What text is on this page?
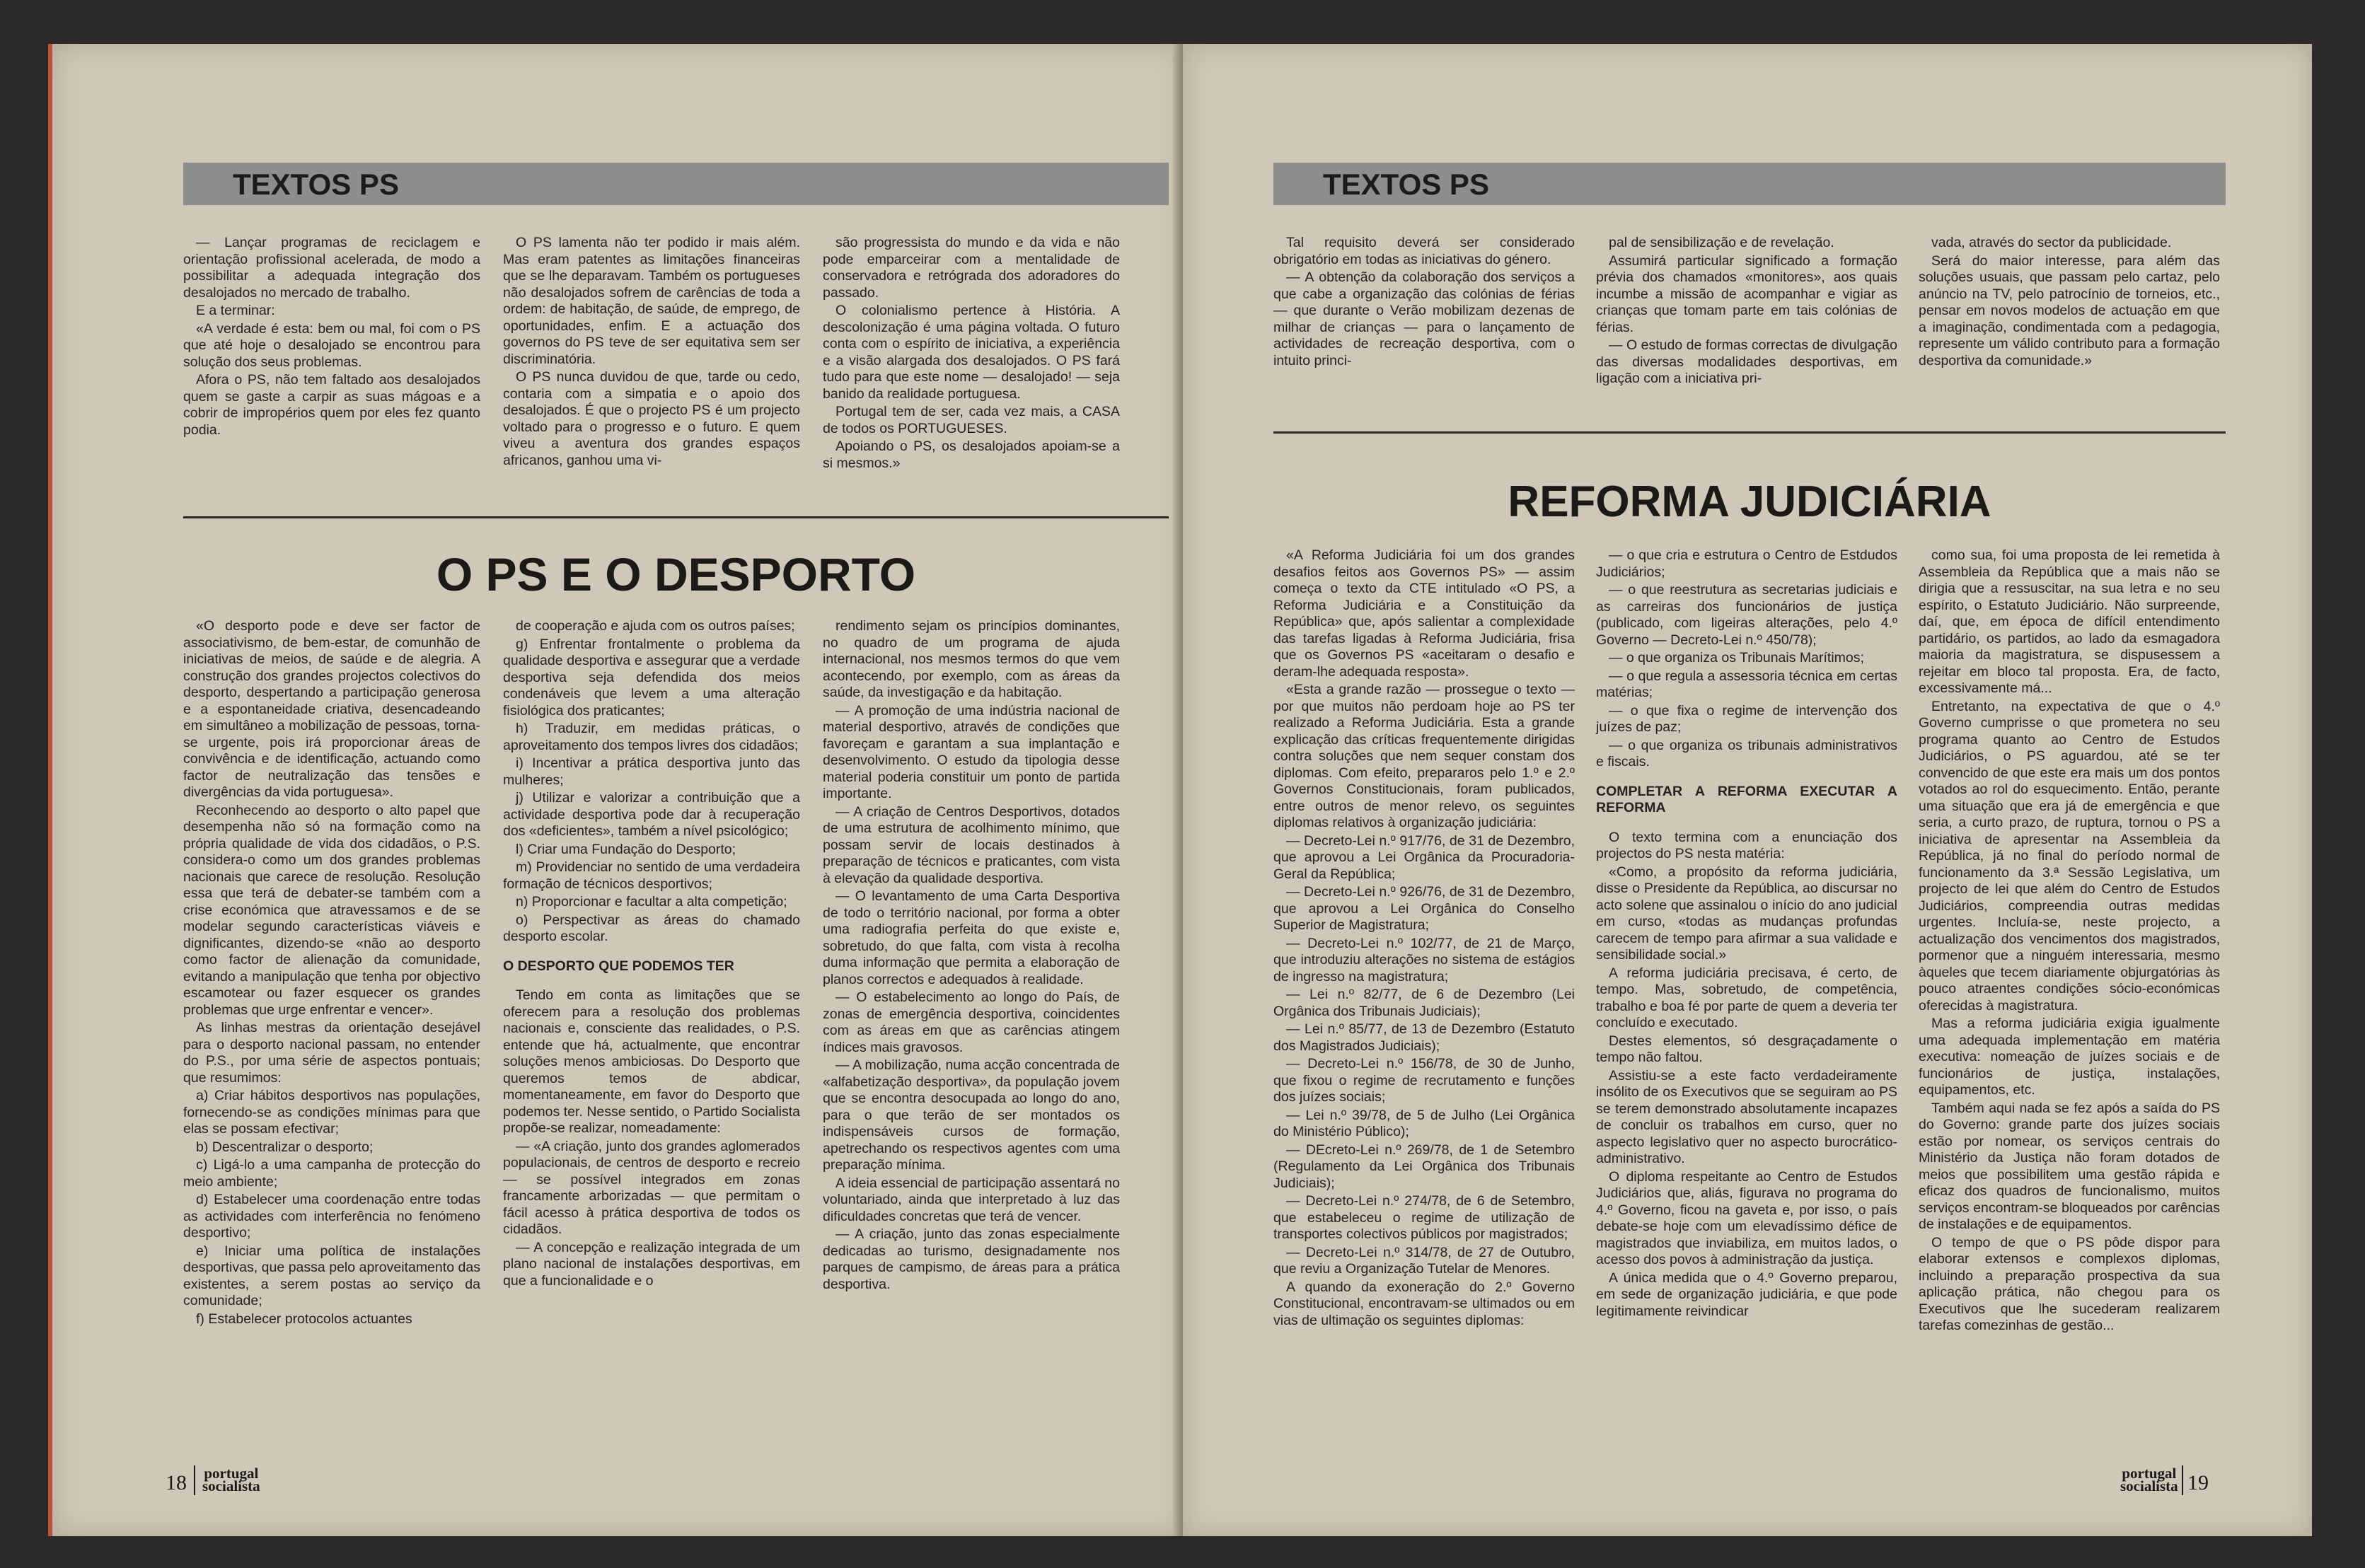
TEXTOS PS

— Lançar programas de reciclagem e orientação profissional acelerada, de modo a possibilitar a adequada integração dos desalojados no mercado de trabalho.

E a terminar:

«A verdade é esta: bem ou mal, foi com o PS que até hoje o desalojado se encontrou para solução dos seus problemas.

Afora o PS, não tem faltado aos desalojados quem se gaste a carpir as suas mágoas e a cobrir de impropérios quem por eles fez quanto podia.

O PS lamenta não ter podido ir mais além. Mas eram patentes as limitações financeiras que se lhe deparavam. Também os portugueses não desalojados sofrem de carências de toda a ordem: de habitação, de saúde, de emprego, de oportunidades, enfim. E a actuação dos governos do PS teve de ser equitativa sem ser discriminatória.

O PS nunca duvidou de que, tarde ou cedo, contaria com a simpatia e o apoio dos desalojados. É que o projecto PS é um projecto voltado para o progresso e o futuro. E quem viveu a aventura dos grandes espaços africanos, ganhou uma vi-

são progressista do mundo e da vida e não pode emparceirar com a mentalidade de conservadora e retrógrada dos adoradores do passado.

O colonialismo pertence à História. A descolonização é uma página voltada. O futuro conta com o espírito de iniciativa, a experiência e a visão alargada dos desalojados. O PS fará tudo para que este nome — desalojado! — seja banido da realidade portuguesa.

Portugal tem de ser, cada vez mais, a CASA de todos os PORTUGUESES.

Apoiando o PS, os desalojados apoiam-se a si mesmos.»

O PS E O DESPORTO

«O desporto pode e deve ser factor de associativismo, de bem-estar, de comunhão de iniciativas de meios, de saúde e de alegria. A construção dos grandes projectos colectivos do desporto, despertando a participação generosa e a espontaneidade criativa, desencadeando em simultâneo a mobilização de pessoas, torna-se urgente, pois irá proporcionar áreas de convivência e de identificação, actuando como factor de neutralização das tensões e divergências da vida portuguesa».

Reconhecendo ao desporto o alto papel que desempenha não só na formação como na própria qualidade de vida dos cidadãos, o P.S. considera-o como um dos grandes problemas nacionais que carece de resolução. Resolução essa que terá de debater-se também com a crise económica que atravessamos e de se modelar segundo características viáveis e dignificantes, dizendo-se «não ao desporto como factor de alienação da comunidade, evitando a manipulação que tenha por objectivo escamotear ou fazer esquecer os grandes problemas que urge enfrentar e vencer».

As linhas mestras da orientação desejável para o desporto nacional passam, no entender do P.S., por uma série de aspectos pontuais; que resumimos:

a) Criar hábitos desportivos nas populações, fornecendo-se as condições mínimas para que elas se possam efectivar;

b) Descentralizar o desporto;

c) Ligá-lo a uma campanha de protecção do meio ambiente;

d) Estabelecer uma coordenação entre todas as actividades com interferência no fenómeno desportivo;

e) Iniciar uma política de instalações desportivas, que passa pelo aproveitamento das existentes, a serem postas ao serviço da comunidade;

f) Estabelecer protocolos actuantes

de cooperação e ajuda com os outros países;

g) Enfrentar frontalmente o problema da qualidade desportiva e assegurar que a verdade desportiva seja defendida dos meios condenáveis que levem a uma alteração fisiológica dos praticantes;

h) Traduzir, em medidas práticas, o aproveitamento dos tempos livres dos cidadãos;

i) Incentivar a prática desportiva junto das mulheres;

j) Utilizar e valorizar a contribuição que a actividade desportiva pode dar à recuperação dos «deficientes», também a nível psicológico;

l) Criar uma Fundação do Desporto;

m) Providenciar no sentido de uma verdadeira formação de técnicos desportivos;

n) Proporcionar e facultar a alta competição;

o) Perspectivar as áreas do chamado desporto escolar.

O DESPORTO QUE PODEMOS TER

Tendo em conta as limitações que se oferecem para a resolução dos problemas nacionais e, consciente das realidades, o P.S. entende que há, actualmente, que encontrar soluções menos ambiciosas. Do Desporto que queremos temos de abdicar, momentaneamente, em favor do Desporto que podemos ter. Nesse sentido, o Partido Socialista propõe-se realizar, nomeadamente:

— «A criação, junto dos grandes aglomerados populacionais, de centros de desporto e recreio — se possível integrados em zonas francamente arborizadas — que permitam o fácil acesso à prática desportiva de todos os cidadãos.

— A concepção e realização integrada de um plano nacional de instalações desportivas, em que a funcionalidade e o

rendimento sejam os princípios dominantes, no quadro de um programa de ajuda internacional, nos mesmos termos do que vem acontecendo, por exemplo, com as áreas da saúde, da investigação e da habitação.

— A promoção de uma indústria nacional de material desportivo, através de condições que favoreçam e garantam a sua implantação e desenvolvimento. O estudo da tipologia desse material poderia constituir um ponto de partida importante.

— A criação de Centros Desportivos, dotados de uma estrutura de acolhimento mínimo, que possam servir de locais destinados à preparação de técnicos e praticantes, com vista à elevação da qualidade desportiva.

— O levantamento de uma Carta Desportiva de todo o território nacional, por forma a obter uma radiografia perfeita do que existe e, sobretudo, do que falta, com vista à recolha duma informação que permita a elaboração de planos correctos e adequados à realidade.

— O estabelecimento ao longo do País, de zonas de emergência desportiva, coincidentes com as áreas em que as carências atingem índices mais gravosos.

— A mobilização, numa acção concentrada de «alfabetização desportiva», da população jovem que se encontra desocupada ao longo do ano, para o que terão de ser montados os indispensáveis cursos de formação, apetrechando os respectivos agentes com uma preparação mínima.

A ideia essencial de participação assentará no voluntariado, ainda que interpretado à luz das dificuldades concretas que terá de vencer.

— A criação, junto das zonas especialmente dedicadas ao turismo, designadamente nos parques de campismo, de áreas para a prática desportiva.

18 portugal
socialista
TEXTOS PS

Tal requisito deverá ser considerado obrigatório em todas as iniciativas do género.

— A obtenção da colaboração dos serviços a que cabe a organização das colónias de férias — que durante o Verão mobilizam dezenas de milhar de crianças — para o lançamento de actividades de recreação desportiva, com o intuito princi-

pal de sensibilização e de revelação.

Assumirá particular significado a formação prévia dos chamados «monitores», aos quais incumbe a missão de acompanhar e vigiar as crianças que tomam parte em tais colónias de férias.

— O estudo de formas correctas de divulgação das diversas modalidades desportivas, em ligação com a iniciativa pri-

vada, através do sector da publicidade.

Será do maior interesse, para além das soluções usuais, que passam pelo cartaz, pelo anúncio na TV, pelo patrocínio de torneios, etc., pensar em novos modelos de actuação em que a imaginação, condimentada com a pedagogia, represente um válido contributo para a formação desportiva da comunidade.»

REFORMA JUDICIÁRIA

«A Reforma Judiciária foi um dos grandes desafios feitos aos Governos PS» — assim começa o texto da CTE intitulado «O PS, a Reforma Judiciária e a Constituição da República» que, após salientar a complexidade das tarefas ligadas à Reforma Judiciária, frisa que os Governos PS «aceitaram o desafio e deram-lhe adequada resposta».

«Esta a grande razão — prossegue o texto — por que muitos não perdoam hoje ao PS ter realizado a Reforma Judiciária. Esta a grande explicação das críticas frequentemente dirigidas contra soluções que nem sequer constam dos diplomas. Com efeito, prepararos pelo 1.º e 2.º Governos Constitucionais, foram publicados, entre outros de menor relevo, os seguintes diplomas relativos à organização judiciária:

— Decreto-Lei n.º 917/76, de 31 de Dezembro, que aprovou a Lei Orgânica da Procuradoria-Geral da República;

— Decreto-Lei n.º 926/76, de 31 de Dezembro, que aprovou a Lei Orgânica do Conselho Superior de Magistratura;

— Decreto-Lei n.º 102/77, de 21 de Março, que introduziu alterações no sistema de estágios de ingresso na magistratura;

— Lei n.º 82/77, de 6 de Dezembro (Lei Orgânica dos Tribunais Judiciais);

— Lei n.º 85/77, de 13 de Dezembro (Estatuto dos Magistrados Judiciais);

— Decreto-Lei n.º 156/78, de 30 de Junho, que fixou o regime de recrutamento e funções dos juízes sociais;

— Lei n.º 39/78, de 5 de Julho (Lei Orgânica do Ministério Público);

— DEcreto-Lei n.º 269/78, de 1 de Setembro (Regulamento da Lei Orgânica dos Tribunais Judiciais);

— Decreto-Lei n.º 274/78, de 6 de Setembro, que estabeleceu o regime de utilização de transportes colectivos públicos por magistrados;

— Decreto-Lei n.º 314/78, de 27 de Outubro, que reviu a Organização Tutelar de Menores.

A quando da exoneração do 2.º Governo Constitucional, encontravam-se ultimados ou em vias de ultimação os seguintes diplomas:

— o que cria e estrutura o Centro de Estdudos Judiciários;

— o que reestrutura as secretarias judiciais e as carreiras dos funcionários de justiça (publicado, com ligeiras alterações, pelo 4.º Governo — Decreto-Lei n.º 450/78);

— o que organiza os Tribunais Marítimos;

— o que regula a assessoria técnica em certas matérias;

— o que fixa o regime de intervenção dos juízes de paz;

— o que organiza os tribunais administrativos e fiscais.

COMPLETAR A REFORMA EXECUTAR A REFORMA

O texto termina com a enunciação dos projectos do PS nesta matéria:

«Como, a propósito da reforma judiciária, disse o Presidente da República, ao discursar no acto solene que assinalou o início do ano judicial em curso, «todas as mudanças profundas carecem de tempo para afirmar a sua validade e sensibilidade social.»

A reforma judiciária precisava, é certo, de tempo. Mas, sobretudo, de competência, trabalho e boa fé por parte de quem a deveria ter concluído e executado.

Destes elementos, só desgraçadamente o tempo não faltou.

Assistiu-se a este facto verdadeiramente insólito de os Executivos que se seguiram ao PS se terem demonstrado absolutamente incapazes de concluir os trabalhos em curso, quer no aspecto legislativo quer no aspecto burocrático-administrativo.

O diploma respeitante ao Centro de Estudos Judiciários que, aliás, figurava no programa do 4.º Governo, ficou na gaveta e, por isso, o país debate-se hoje com um elevadíssimo défice de magistrados que inviabiliza, em muitos lados, o acesso dos povos à administração da justiça.

A única medida que o 4.º Governo preparou, em sede de organização judiciária, e que pode legitimamente reivindicar

como sua, foi uma proposta de lei remetida à Assembleia da República que a mais não se dirigia que a ressuscitar, na sua letra e no seu espírito, o Estatuto Judiciário. Não surpreende, daí, que, em época de difícil entendimento partidário, os partidos, ao lado da esmagadora maioria da magistratura, se dispusessem a rejeitar em bloco tal proposta. Era, de facto, excessivamente má...

Entretanto, na expectativa de que o 4.º Governo cumprisse o que prometera no seu programa quanto ao Centro de Estudos Judiciários, o PS aguardou, até se ter convencido de que este era mais um dos pontos votados ao rol do esquecimento. Então, perante uma situação que era já de emergência e que seria, a curto prazo, de ruptura, tornou o PS a iniciativa de apresentar na Assembleia da República, já no final do período normal de funcionamento da 3.ª Sessão Legislativa, um projecto de lei que além do Centro de Estudos Judiciários, compreendia outras medidas urgentes. Incluía-se, neste projecto, a actualização dos vencimentos dos magistrados, pormenor que a ninguém interessaria, mesmo àqueles que tecem diariamente objurgatórias às pouco atraentes condições sócio-económicas oferecidas à magistratura.

Mas a reforma judiciária exigia igualmente uma adequada implementação em matéria executiva: nomeação de juízes sociais e de funcionários de justiça, instalações, equipamentos, etc.

Também aqui nada se fez após a saída do PS do Governo: grande parte dos juízes sociais estão por nomear, os serviços centrais do Ministério da Justiça não foram dotados de meios que possibilitem uma gestão rápida e eficaz dos quadros de funcionalismo, muitos serviços encontram-se bloqueados por carências de instalações e de equipamentos.

O tempo de que o PS pôde dispor para elaborar extensos e complexos diplomas, incluindo a preparação prospectiva da sua aplicação prática, não chegou para os Executivos que lhe sucederam realizarem tarefas comezinhas de gestão...

portugal
socialista 19
